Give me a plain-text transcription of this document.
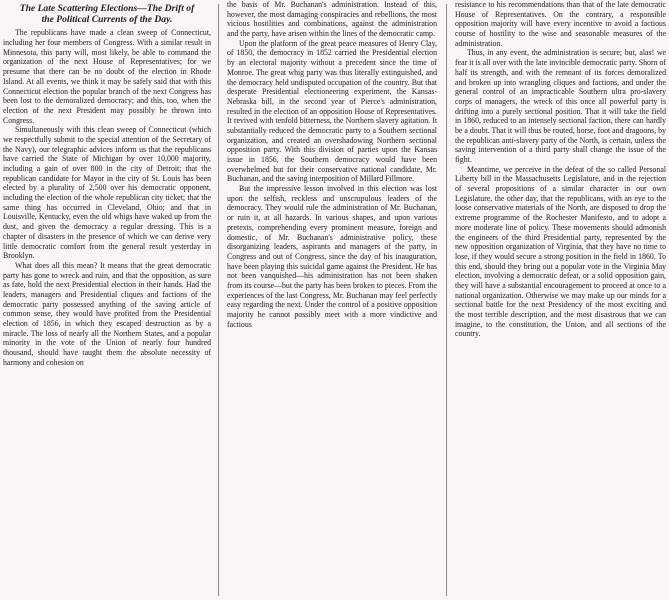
The Late Scattering Elections—The Drift of
the Political Currents of the Day.

The republicans have made a clean sweep of Connecticut, including her four members of Congress. With a similar result in Minnesota, this party will, most likely, be able to command the organization of the next House of Representatives; for we presume that there can be no doubt of the election in Rhode Island. At all events, we think it may be safely said that with this Connecticut election the popular branch of the next Congress has been lost to the demoralized democracy; and this, too, when the election of the next President may possibly be thrown into Congress.

Simultaneously with this clean sweep of Connecticut (which we respectfully submit to the special attention of the Secretary of the Navy), our telegraphic advices inform us that the republicans have carried the State of Michigan by over 10,000 majority, including a gain of over 800 in the city of Detroit; that the republican candidate for Mayor in the city of St. Louis has been elected by a plurality of 2,500 over his democratic opponent, including the election of the whole republican city ticket; that the same thing has occurred in Cleveland, Ohio; and that in Louisville, Kentucky, even the old whigs have waked up from the dust, and given the democracy a regular dressing. This is a chapter of disasters in the presence of which we can derive very little democratic comfort from the general result yesterday in Brooklyn.

What does all this mean? It means that the great democratic party has gone to wreck and ruin, and that the opposition, as sure as fate, hold the next Presidential election in their hands. Had the leaders, managers and Presidential cliques and factions of the democratic party possessed anything of the saving article of common sense, they would have profited from the Presidential election of 1856, in which they escaped destruction as by a miracle. The loss of nearly all the Northern States, and a popular minority in the vote of the Union of nearly four hundred thousand, should have taught them the absolute necessity of harmony and cohesion on

the basis of Mr. Buchanan's administration. Instead of this, however, the most damaging conspiracies and rebellions, the most vicious hostilities and combinations, against the administration and the party, have arisen within the lines of the democratic camp.

Upon the platform of the great peace measures of Henry Clay, of 1850, the democracy in 1852 carried the Presidential election by an electoral majority without a precedent since the time of Monroe. The great whig party was thus literally extinguished, and the democracy held undisputed occupation of the country. But that desperate Presidential electioneering experiment, the Kansas-Nebraska bill, in the second year of Pierce's administration, resulted in the election of an opposition House of Representatives. It revived with tenfold bitterness, the Northern slavery agitation. It substantially reduced the democratic party to a Southern sectional organization, and created an overshadowing Northern sectional opposition party. With this division of parties upon the Kansas issue in 1856, the Southern democracy would have been overwhelmed but for their conservative national candidate, Mr. Buchanan, and the saving interposition of Millard Fillmore.

But the impressive lesson involved in this election was lost upon the selfish, reckless and unscrupulous leaders of the democracy. They would rule the administration of Mr. Buchanan, or ruin it, at all hazards. In various shapes, and upon various pretexts, comprehending every prominent measure, foreign and domestic, of Mr. Buchanan's administrative policy, these disorganizing leaders, aspirants and managers of the party, in Congress and out of Congress, since the day of his inauguration, have been playing this suicidal game against the President. He has not been vanquished—his administration has not been shaken from its course—but the party has been broken to pieces. From the experiences of the last Congress, Mr. Buchanan may feel perfectly easy regarding the next. Under the control of a positive opposition majority he cannot possibly meet with a more vindictive and factious

resistance to his recommendations than that of the late democratic House of Representatives. On the contrary, a responsible opposition majority will have every incentive to avoid a factious course of hostility to the wise and seasonable measures of the administration.

Thus, in any event, the administration is secure; but, alas! we fear it is all over with the late invincible democratic party. Shorn of half its strength, and with the remnant of its forces demoralized and broken up into wrangling cliques and factions, and under the general control of an impracticable Southern ultra pro-slavery corps of managers, the wreck of this once all powerful party is drifting into a purely sectional position. That it will take the field in 1860, reduced to an intensely sectional faction, there can hardly be a doubt. That it will thus be routed, horse, foot and dragoons, by the republican anti-slavery party of the North, is certain, unless the saving intervention of a third party shall change the issue of the fight.

Meantime, we perceive in the defeat of the so called Personal Liberty bill in the Massachusetts Legislature, and in the rejection of several propositions of a similar character in our own Legislature, the other day, that the republicans, with an eye to the loose conservative materials of the North, are disposed to drop the extreme programme of the Rochester Manifesto, and to adopt a more moderate line of policy. These movements should admonish the engineers of the third Presidential party, represented by the new opposition organization of Virginia, that they have no time to lose, if they would secure a strong position in the field in 1860. To this end, should they bring out a popular vote in the Virginia May election, involving a democratic defeat, or a solid opposition gain, they will have a substantial encouragement to proceed at once to a national organization. Otherwise we may make up our minds for a sectional battle for the next Presidency of the most exciting and the most terrible description, and the most disastrous that we can imagine, to the constitution, the Union, and all sections of the country.
